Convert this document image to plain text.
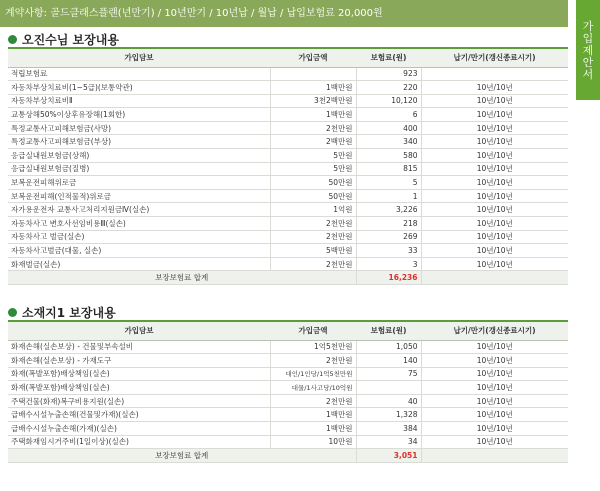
계약사항: 골드클래스플랜(년만기) / 10년만기 / 10년납 / 월납 / 납입보험료 20,000원
가
입
제
안
서
오진수님 보장내용
가입담보	가입금액	보험료(원)	납기/만기(갱신종료시기)
적립보험료		923	
자동차부상치료비(1~5급)(보통약관)	1백만원	220	10년/10년
자동차부상치료비Ⅱ	3천2백만원	10,120	10년/10년
교통상해50%이상후유장해(1회한)	1백만원	6	10년/10년
특정교통사고피해보험금(사망)	2천만원	400	10년/10년
특정교통사고피해보험금(부상)	2백만원	340	10년/10년
응급실내원보험금(상해)	5만원	580	10년/10년
응급실내원보험금(질병)	5만원	815	10년/10년
보복운전피해위로금	50만원	5	10년/10년
보복운전피해(인적물적)위로금	50만원	1	10년/10년
자가용운전자 교통사고처리지원금Ⅳ(실손)	1억원	3,226	10년/10년
자동차사고 변호사선임비용Ⅲ(실손)	2천만원	218	10년/10년
자동차사고 벌금(실손)	2천만원	269	10년/10년
자동차사고벌금(대물, 실손)	5백만원	33	10년/10년
화재벌금(실손)	2천만원	3	10년/10년
보장보험료 합계		16,236	
소재지1 보장내용
가입담보	가입금액	보험료(원)	납기/만기(갱신종료시기)
화재손해(실손보상) - 건물및부속설비	1억5천만원	1,050	10년/10년
화재손해(실손보상) - 가재도구	2천만원	140	10년/10년
화재(폭발포함)배상책임(실손)	대인/1인당/1억5천만원	75	10년/10년
화재(폭발포함)배상책임(실손)	대물/1사고당/10억원		10년/10년
주택건물(화재)복구비용지원(실손)	2천만원	40	10년/10년
급배수시설누출손해(건물및가재)(실손)	1백만원	1,328	10년/10년
급배수시설누출손해(가재)(실손)	1백만원	384	10년/10년
주택화재임시거주비(1일이상)(실손)	10만원	34	10년/10년
보장보험료 합계		3,051	
